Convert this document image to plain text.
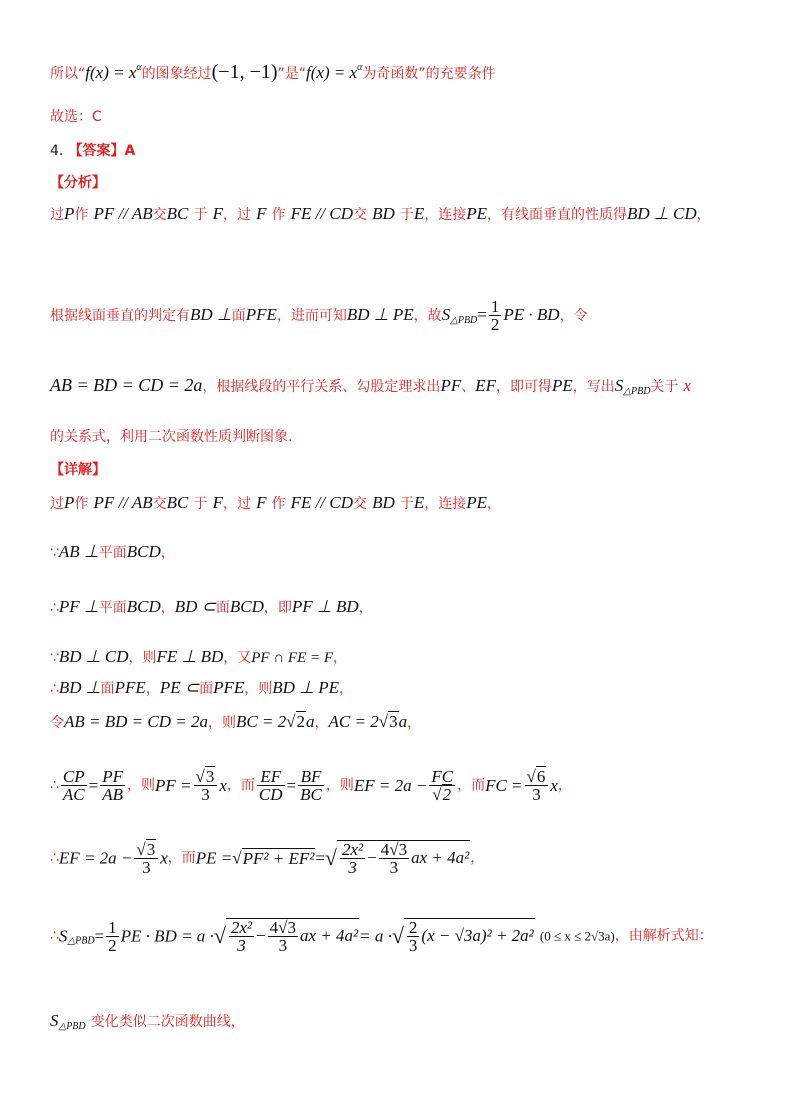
所以“$f(x) = x^\alpha$的图象经过(−1, −1)”是“$f(x) = x^\alpha$为奇函数”的充要条件
故选：C
4. 【答案】A
【分析】
过P作 PF // AB交BC 于 F，过 F 作 FE // CD交 BD 于E，连接PE，有线面垂直的性质得BD ⊥ CD，
根据线面垂直的判定有BD ⊥面PFE，进而可知BD ⊥ PE，故$S_{\triangle PBD}= \frac{1}{2}$ PE · BD，令
AB = BD = CD = 2a，根据线段的平行关系、勾股定理求出PF、EF，即可得PE，写出$S_{\triangle PBD}$关于 x
的关系式，利用二次函数性质判断图象.
【详解】
过P作 PF // AB交BC 于 F，过 F 作 FE // CD交 BD 于E，连接PE，
∵AB ⊥平面BCD，
∴PF ⊥平面BCD，BD ⊂面BCD，即PF ⊥ BD，
∵BD ⊥ CD，则FE ⊥ BD，又PF ∩ FE = F，
∴BD ⊥面PFE，PE ⊂面PFE，则BD ⊥ PE，
令AB = BD = CD = 2a，则BC = 2√2a，AC = 2√3a，
∴ $\frac{CP}{AC} = \frac{PF}{AB}$ ，则PF = $\frac{√3}{3}$ x，而 $\frac{EF}{CD} = \frac{BF}{BC}$ ，则EF = $2a - \frac{FC}{√2}$ ，而FC = $\frac{√6}{3}$ x，
∴EF = $2a - \frac{√3}{3}$ x，而PE $=√PF^2 + EF^2=√ \frac{\text{2x²}}{3} - \frac{4√3}{3}$ ax + 4a²，
$\therefore S_{\triangle PBD}= \frac{1}{2}$ PE · BD = a ·√ $\frac{\text{2x²}}{3} - \frac{4√3}{3}$ ax + 4a²= a ·√ $\frac{2}{3} (x - √3a)^2 + 2a^2$ (0 ≤ x ≤ 2√3a)，由解析式知：
$S_{\triangle PBD}$ 变化类似二次函数曲线，
